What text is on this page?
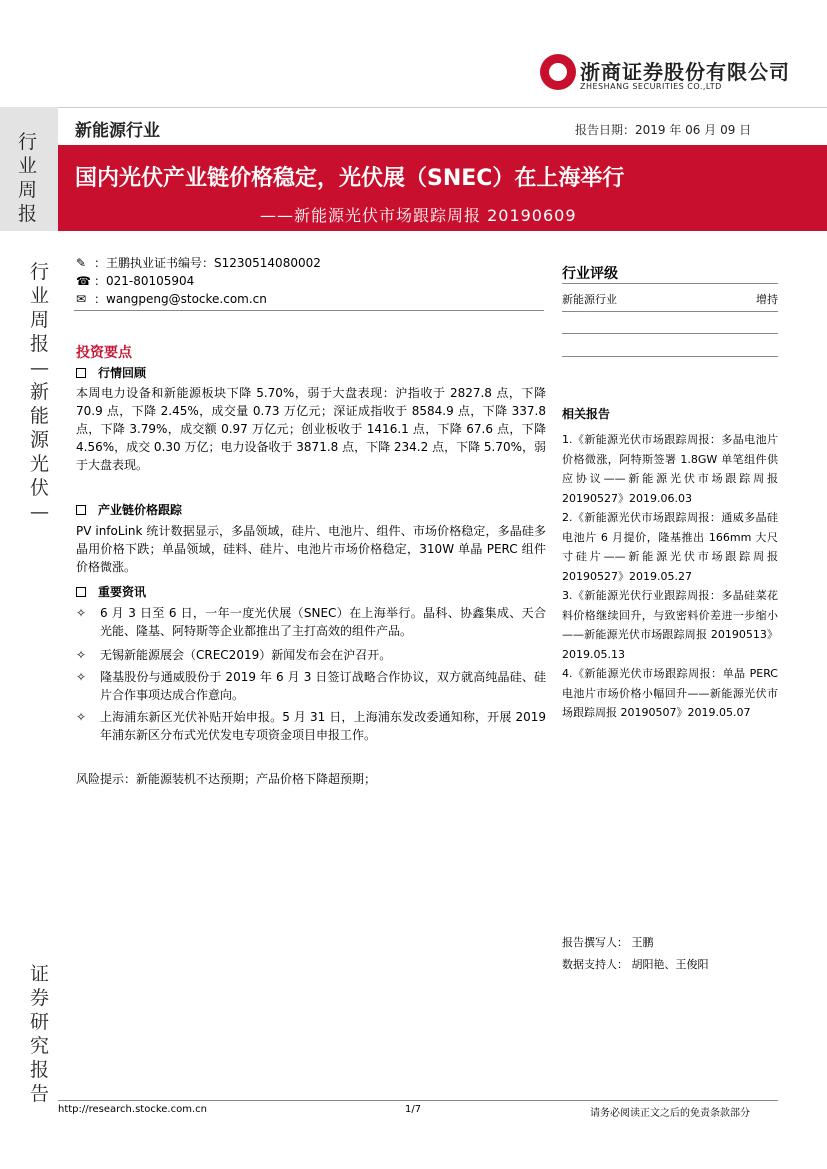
浙商证券股份有限公司
ZHESHANG SECURITIES CO.,LTD
行业周报
新能源行业	报告日期：2019 年 06 月 09 日
国内光伏产业链价格稳定，光伏展（SNEC）在上海举行
——新能源光伏市场跟踪周报 20190609
行业周报—新能源光伏—
证券研究报告
✎ ：王鹏执业证书编号：S1230514080002
☎ ：021-80105904
✉ ：wangpeng@stocke.com.cn
投资要点
行情回顾
本周电力设备和新能源板块下降 5.70%，弱于大盘表现：沪指收于 2827.8 点，下降 70.9 点，下降 2.45%，成交量 0.73 万亿元；深证成指收于 8584.9 点，下降 337.8 点，下降 3.79%，成交额 0.97 万亿元；创业板收于 1416.1 点，下降 67.6 点，下降 4.56%，成交 0.30 万亿；电力设备收于 3871.8 点，下降 234.2 点，下降 5.70%，弱于大盘表现。
产业链价格跟踪
PV infoLink 统计数据显示，多晶领域，硅片、电池片、组件、市场价格稳定，多晶硅多晶用价格下跌；单晶领域，硅料、硅片、电池片市场价格稳定，310W 单晶 PERC 组件价格微涨。
重要资讯
✧ 6 月 3 日至 6 日，一年一度光伏展（SNEC）在上海举行。晶科、协鑫集成、天合光能、隆基、阿特斯等企业都推出了主打高效的组件产品。
✧ 无锡新能源展会（CREC2019）新闻发布会在沪召开。
✧ 隆基股份与通威股份于 2019 年 6 月 3 日签订战略合作协议，双方就高纯晶硅、硅片合作事项达成合作意向。
✧ 上海浦东新区光伏补贴开始申报。5 月 31 日，上海浦东发改委通知称，开展 2019 年浦东新区分布式光伏发电专项资金项目申报工作。
风险提示：新能源装机不达预期；产品价格下降超预期；
行业评级
新能源行业	增持
相关报告
1.《新能源光伏市场跟踪周报：多晶电池片价格微涨，阿特斯签署 1.8GW 单笔组件供应协议——新能源光伏市场跟踪周报 20190527》2019.06.03
2.《新能源光伏市场跟踪周报：通威多晶硅电池片 6 月提价，隆基推出 166mm 大尺寸硅片——新能源光伏市场跟踪周报 20190527》2019.05.27
3.《新能源光伏行业跟踪周报：多晶硅菜花料价格继续回升，与致密料价差进一步缩小——新能源光伏市场跟踪周报 20190513》2019.05.13
4.《新能源光伏市场跟踪周报：单晶 PERC 电池片市场价格小幅回升——新能源光伏市场跟踪周报 20190507》2019.05.07
报告撰写人： 王鹏
数据支持人： 胡阳艳、王俊阳
http://research.stocke.com.cn	1/7	请务必阅读正文之后的免责条款部分
